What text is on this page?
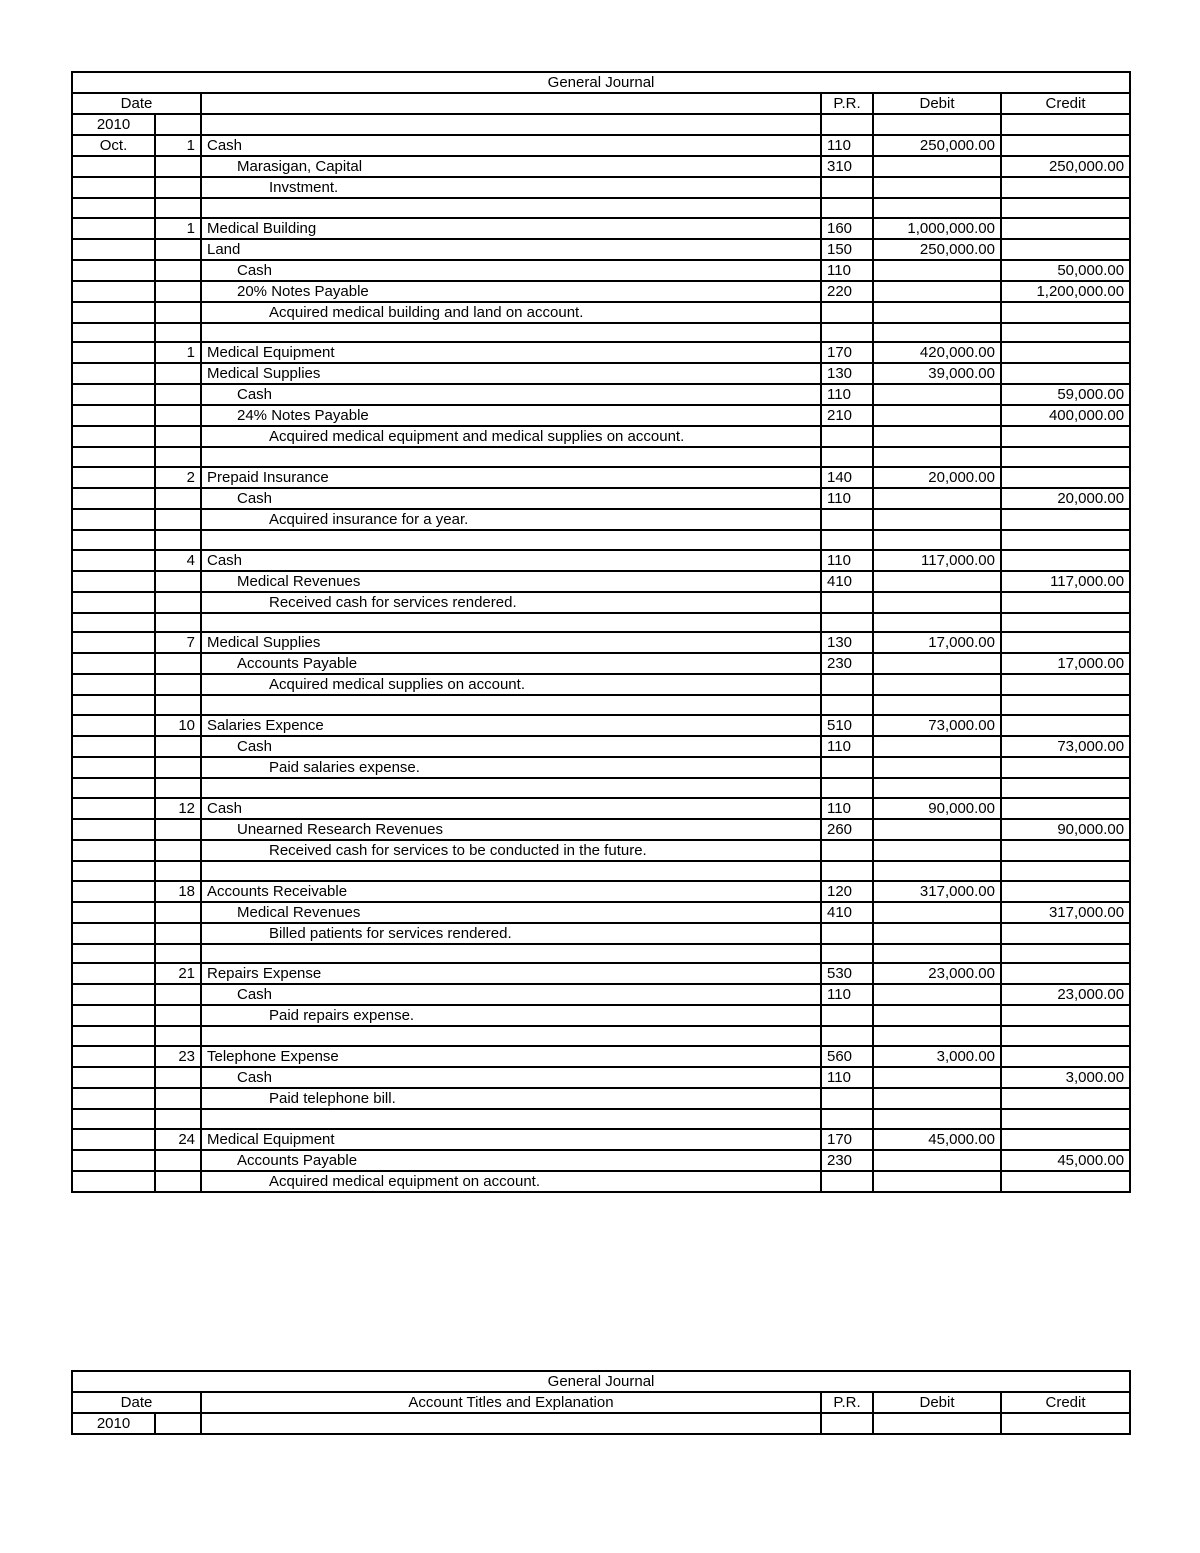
General Journal					
Date			P.R.	Debit	Credit
2010					
Oct.	1	Cash	110	250,000.00	
		Marasigan, Capital	310		250,000.00
		Invstment.			

	1	Medical Building	160	1,000,000.00	
		Land	150	250,000.00	
		Cash	110		50,000.00
		20% Notes Payable	220		1,200,000.00
		Acquired medical building and land on account.			

	1	Medical Equipment	170	420,000.00	
		Medical Supplies	130	39,000.00	
		Cash	110		59,000.00
		24% Notes Payable	210		400,000.00
		Acquired medical equipment and medical supplies on account.			

	2	Prepaid Insurance	140	20,000.00	
		Cash	110		20,000.00
		Acquired insurance for a year.			

	4	Cash	110	117,000.00	
		Medical Revenues	410		117,000.00
		Received cash for services rendered.			

	7	Medical Supplies	130	17,000.00	
		Accounts Payable	230		17,000.00
		Acquired medical supplies on account.			

	10	Salaries Expence	510	73,000.00	
		Cash	110		73,000.00
		Paid salaries expense.			

	12	Cash	110	90,000.00	
		Unearned Research Revenues	260		90,000.00
		Received cash for services to be conducted in the future.			

	18	Accounts Receivable	120	317,000.00	
		Medical Revenues	410		317,000.00
		Billed patients for services rendered.			

	21	Repairs Expense	530	23,000.00	
		Cash	110		23,000.00
		Paid repairs expense.			

	23	Telephone Expense	560	3,000.00	
		Cash	110		3,000.00
		Paid telephone bill.			

	24	Medical Equipment	170	45,000.00	
		Accounts Payable	230		45,000.00
		Acquired medical equipment on account.			
General Journal					
Date		Account Titles and Explanation	P.R.	Debit	Credit
2010					
